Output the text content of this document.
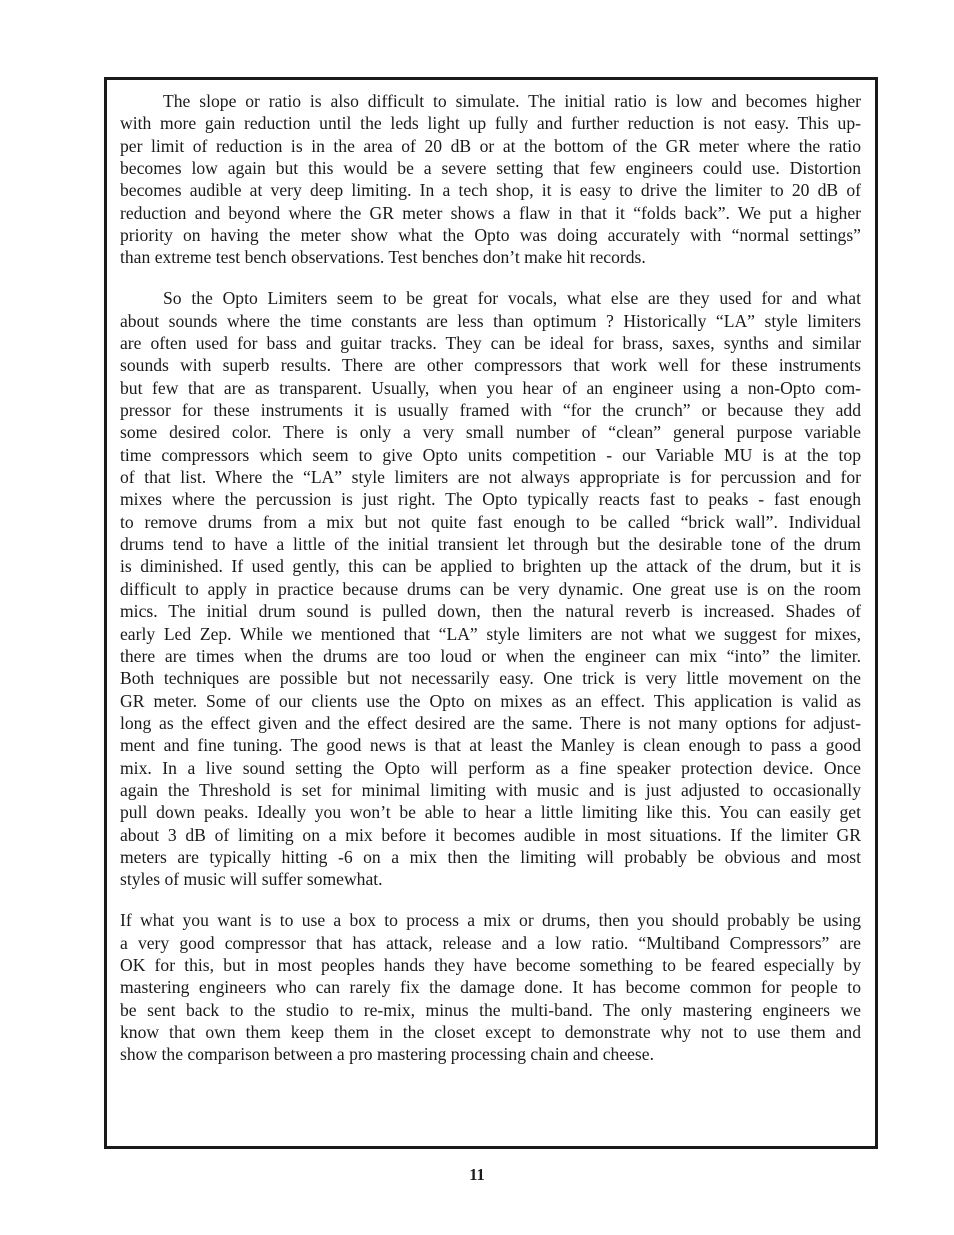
The slope or ratio is also difficult to simulate. The initial ratio is low and becomes higher
with more gain reduction until the leds light up fully and further reduction is not easy. This up-
per limit of reduction is in the area of 20 dB or at the bottom of the GR meter where the ratio
becomes low again but this would be a severe setting that few engineers could use. Distortion
becomes audible at very deep limiting. In a tech shop, it is easy to drive the limiter to 20 dB of
reduction and beyond where the GR meter shows a flaw in that it “folds back”. We put a higher
priority on having the meter show what the Opto was doing accurately with “normal settings”
than extreme test bench observations. Test benches don’t make hit records.
So the Opto Limiters seem to be great for vocals, what else are they used for and what
about sounds where the time constants are less than optimum ? Historically “LA” style limiters
are often used for bass and guitar tracks. They can be ideal for brass, saxes, synths and similar
sounds with superb results. There are other compressors that work well for these instruments
but few that are as transparent. Usually, when you hear of an engineer using a non-Opto com-
pressor for these instruments it is usually framed with “for the crunch” or because they add
some desired color. There is only a very small number of “clean” general purpose variable
time compressors which seem to give Opto units competition - our Variable MU is at the top
of that list. Where the “LA” style limiters are not always appropriate is for percussion and for
mixes where the percussion is just right. The Opto typically reacts fast to peaks - fast enough
to remove drums from a mix but not quite fast enough to be called “brick wall”. Individual
drums tend to have a little of the initial transient let through but the desirable tone of the drum
is diminished. If used gently, this can be applied to brighten up the attack of the drum, but it is
difficult to apply in practice because drums can be very dynamic. One great use is on the room
mics. The initial drum sound is pulled down, then the natural reverb is increased. Shades of
early Led Zep. While we mentioned that “LA” style limiters are not what we suggest for mixes,
there are times when the drums are too loud or when the engineer can mix “into” the limiter.
Both techniques are possible but not necessarily easy. One trick is very little movement on the
GR meter. Some of our clients use the Opto on mixes as an effect. This application is valid as
long as the effect given and the effect desired are the same. There is not many options for adjust-
ment and fine tuning. The good news is that at least the Manley is clean enough to pass a good
mix. In a live sound setting the Opto will perform as a fine speaker protection device. Once
again the Threshold is set for minimal limiting with music and is just adjusted to occasionally
pull down peaks. Ideally you won’t be able to hear a little limiting like this. You can easily get
about 3 dB of limiting on a mix before it becomes audible in most situations. If the limiter GR
meters are typically hitting -6 on a mix then the limiting will probably be obvious and most
styles of music will suffer somewhat.
If what you want is to use a box to process a mix or drums, then you should probably be using
a very good compressor that has attack, release and a low ratio. “Multiband Compressors” are
OK for this, but in most peoples hands they have become something to be feared especially by
mastering engineers who can rarely fix the damage done. It has become common for people to
be sent back to the studio to re-mix, minus the multi-band. The only mastering engineers we
know that own them keep them in the closet except to demonstrate why not to use them and
show the comparison between a pro mastering processing chain and cheese.
11
